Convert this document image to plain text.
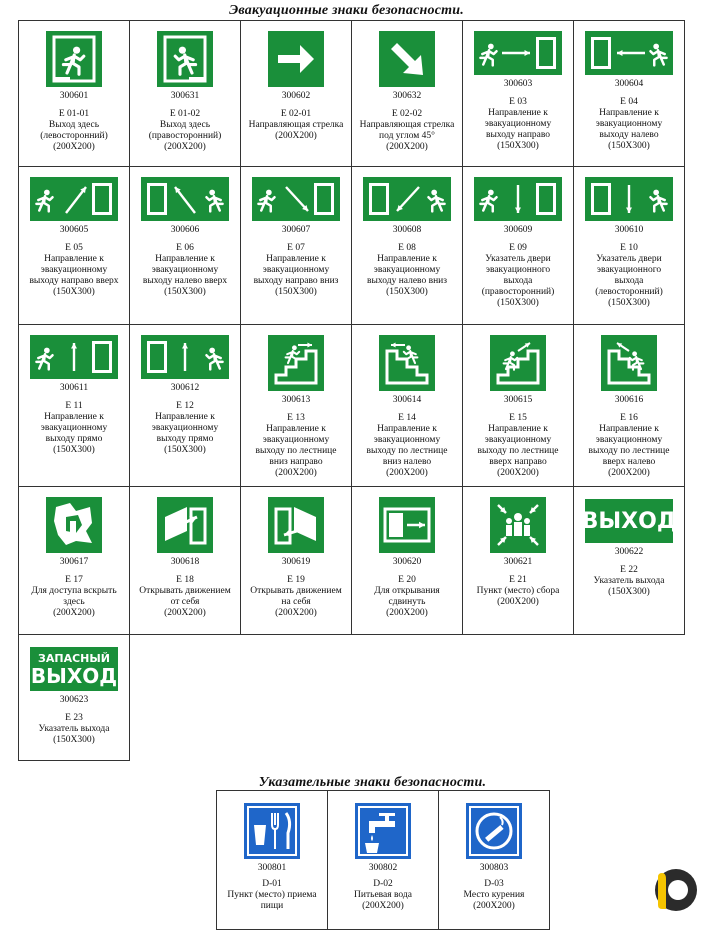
Эвакуационные знаки безопасности.
Указательные знаки безопасности.
300601
Е 01-01
Выход здесь
(левосторонний)
(200Х200)
300631
Е 01-02
Выход здесь
(правосторонний)
(200Х200)
300602
Е 02-01
Направляющая стрелка
(200Х200)
300632
Е 02-02
Направляющая стрелка
под углом 45°
(200Х200)
300603
Е 03
Направление к
эвакуационному
выходу направо
(150Х300)
300604
Е 04
Направление к
эвакуационному
выходу налево
(150Х300)
300605
Е 05
Направление к
эвакуационному
выходу направо вверх
(150Х300)
300606
Е 06
Направление к
эвакуационному
выходу налево вверх
(150Х300)
300607
Е 07
Направление к
эвакуационному
выходу направо вниз
(150Х300)
300608
Е 08
Направление к
эвакуационному
выходу налево вниз
(150Х300)
300609
Е 09
Указатель двери
эвакуационного
выхода
(правосторонний)
(150Х300)
300610
Е 10
Указатель двери
эвакуационного
выхода
(левосторонний)
(150Х300)
300611
Е 11
Направление к
эвакуационному
выходу прямо
(150Х300)
300612
Е 12
Направление к
эвакуационному
выходу прямо
(150Х300)
300613
Е 13
Направление к
эвакуационному
выходу по лестнице
вниз направо
(200Х200)
300614
Е 14
Направление к
эвакуационному
выходу по лестнице
вниз налево
(200Х200)
300615
Е 15
Направление к
эвакуационному
выходу по лестнице
вверх направо
(200Х200)
300616
Е 16
Направление к
эвакуационному
выходу по лестнице
вверх налево
(200Х200)
300617
Е 17
Для доступа вскрыть
здесь
(200Х200)
300618
Е 18
Открывать движением
от себя
(200Х200)
300619
Е 19
Открывать движением
на себя
(200Х200)
300620
Е 20
Для открывания
сдвинуть
(200Х200)
300621
Е 21
Пункт (место) сбора
(200Х200)
ВЫХОД
300622
Е 22
Указатель выхода
(150Х300)
ЗАПАСНЫЙ
ВЫХОД
300623
Е 23
Указатель выхода
(150Х300)
300801
D-01
Пункт (место) приема
пищи
300802
D-02
Питьевая вода
(200Х200)
300803
D-03
Место курения
(200Х200)
